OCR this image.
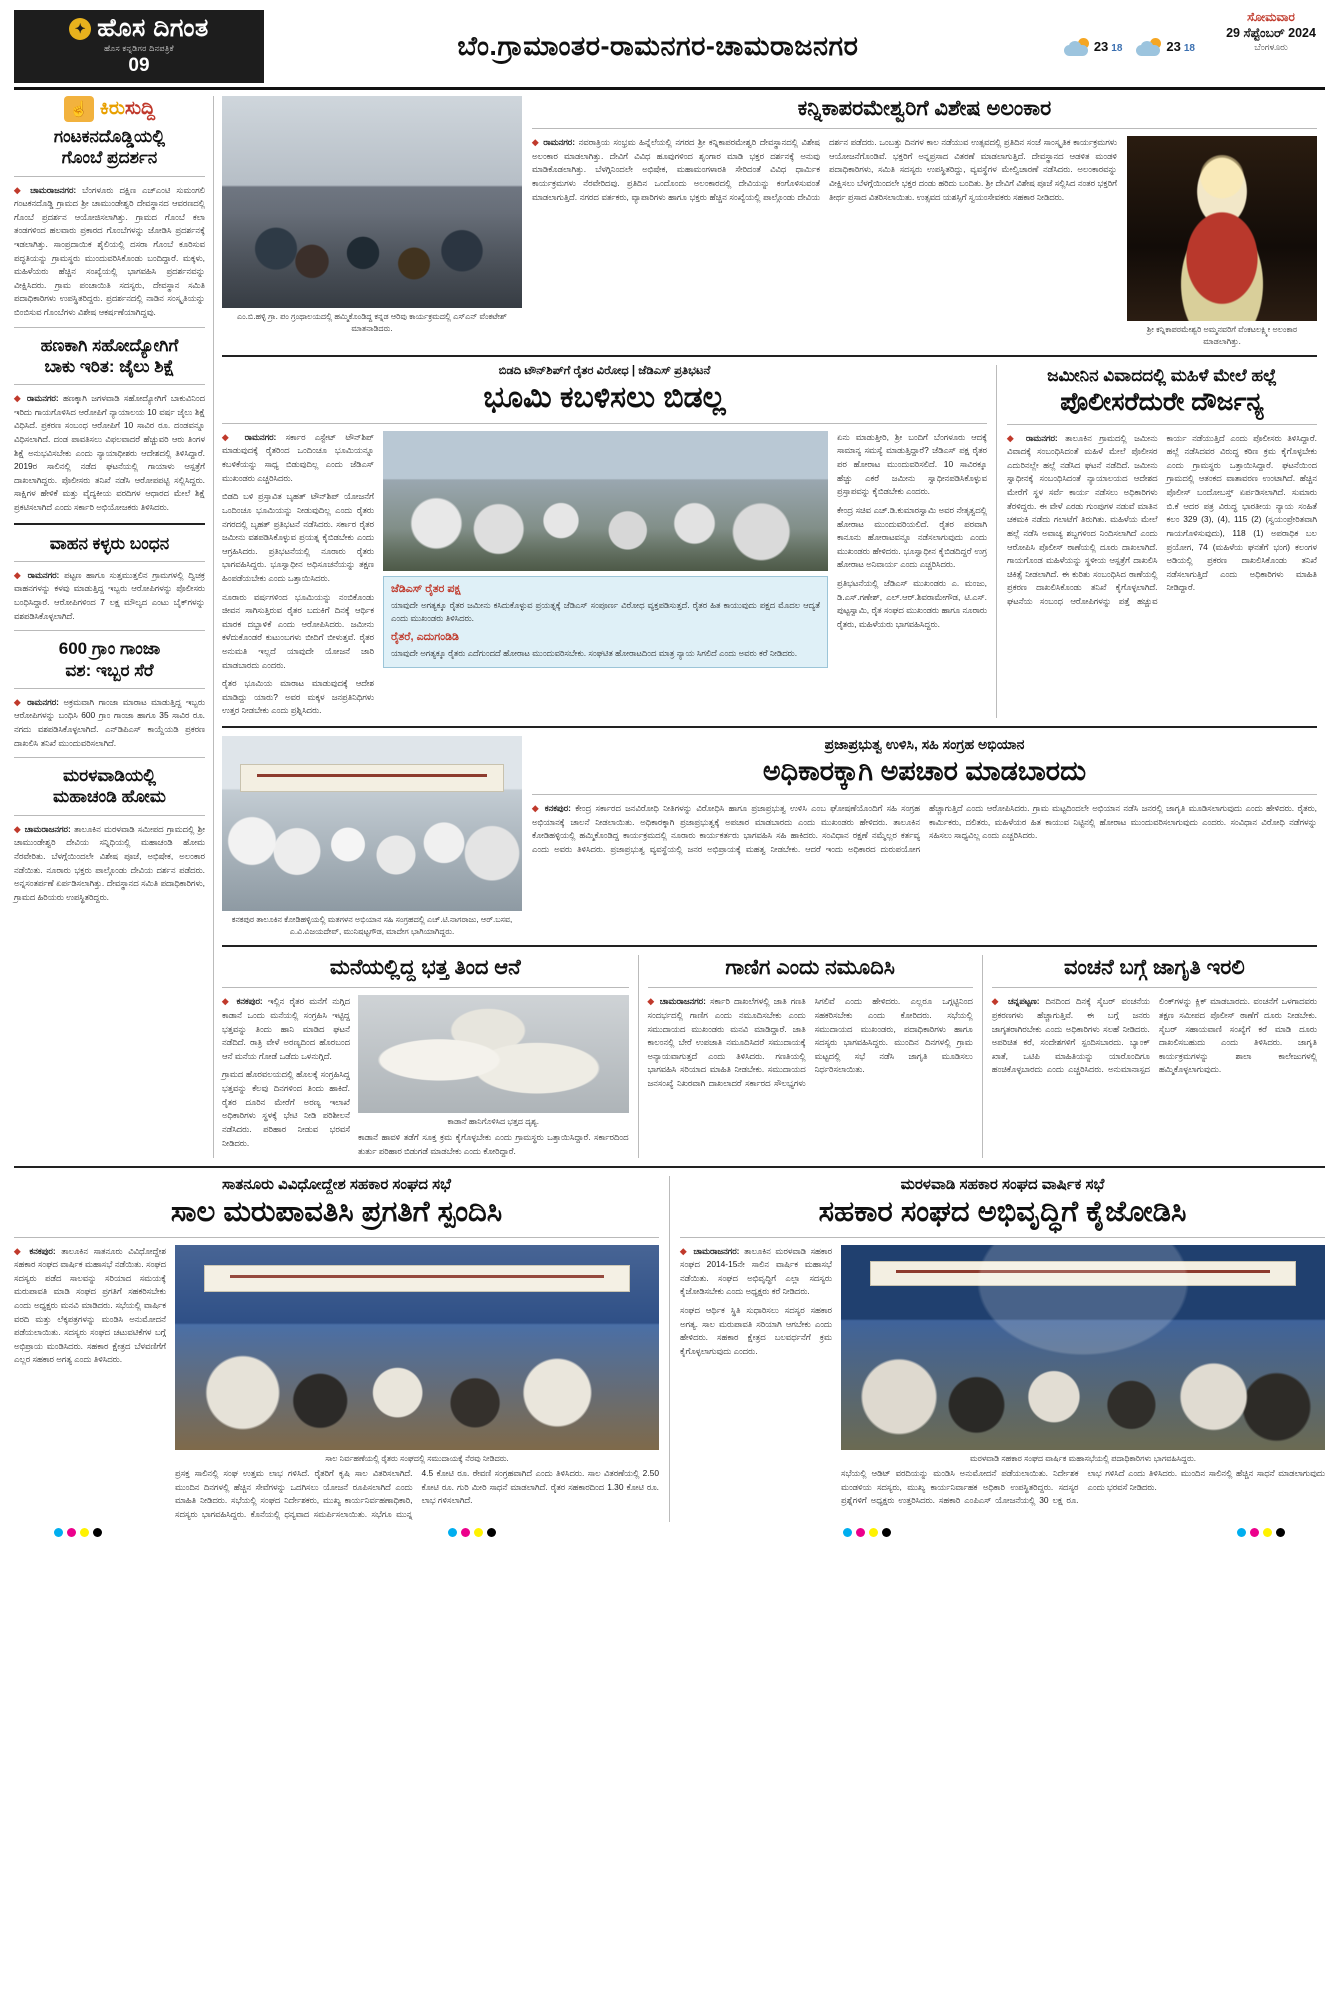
✦ ಹೊಸ ದಿಗಂತ
ಹೊಸ ಕನ್ನಡಿಗರ ದಿನಪತ್ರಿಕೆ
09
ಬೆಂ.ಗ್ರಾಮಾಂತರ-ರಾಮನಗರ-ಚಾಮರಾಜನಗರ	23 18	23 18
ಸೋಮವಾರ
29 ಸೆಪ್ಟೆಂಬರ್ 2024
ಬೆಂಗಳೂರು
☝ ಕಿರುಸುದ್ದಿ
ಗಂಟಕನದೊಡ್ಡಿಯಲ್ಲಿ
ಗೊಂಬೆ ಪ್ರದರ್ಶನ
◆ ಚಾಮರಾಜನಗರ: ಬೆಂಗಳೂರು ದಕ್ಷಿಣ ಎಚ್‌ಎಂಟಿ ಸುಮಂಗಲಿ ಗಂಟಕನದೊಡ್ಡಿ ಗ್ರಾಮದ ಶ್ರೀ ಚಾಮುಂಡೇಶ್ವರಿ ದೇವಸ್ಥಾನದ ಆವರಣದಲ್ಲಿ ಗೊಂಬೆ ಪ್ರದರ್ಶನ ಆಯೋಜಿಸಲಾಗಿತ್ತು. ಗ್ರಾಮದ ಗೊಂಬೆ ಕಲಾ ತಂಡಗಳಿಂದ ಹಲವಾರು ಪ್ರಕಾರದ ಗೊಂಬೆಗಳನ್ನು ಜೋಡಿಸಿ ಪ್ರದರ್ಶನಕ್ಕೆ ಇಡಲಾಗಿತ್ತು. ಸಾಂಪ್ರದಾಯಿಕ ಶೈಲಿಯಲ್ಲಿ ದಸರಾ ಗೊಂಬೆ ಕೂರಿಸುವ ಪದ್ಧತಿಯನ್ನು ಗ್ರಾಮಸ್ಥರು ಮುಂದುವರಿಸಿಕೊಂಡು ಬಂದಿದ್ದಾರೆ. ಮಕ್ಕಳು, ಮಹಿಳೆಯರು ಹೆಚ್ಚಿನ ಸಂಖ್ಯೆಯಲ್ಲಿ ಭಾಗವಹಿಸಿ ಪ್ರದರ್ಶನವನ್ನು ವೀಕ್ಷಿಸಿದರು. ಗ್ರಾಮ ಪಂಚಾಯಿತಿ ಸದಸ್ಯರು, ದೇವಸ್ಥಾನ ಸಮಿತಿ ಪದಾಧಿಕಾರಿಗಳು ಉಪಸ್ಥಿತರಿದ್ದರು. ಪ್ರದರ್ಶನದಲ್ಲಿ ನಾಡಿನ ಸಂಸ್ಕೃತಿಯನ್ನು ಬಿಂಬಿಸುವ ಗೊಂಬೆಗಳು ವಿಶೇಷ ಆಕರ್ಷಣೆಯಾಗಿದ್ದವು.
ಹಣಕಾಗಿ ಸಹೋದ್ಯೋಗಿಗೆ
ಬಾಕು ಇರಿತ: ಜೈಲು ಶಿಕ್ಷೆ
◆ ರಾಮನಗರ: ಹಣಕ್ಕಾಗಿ ಜಗಳವಾಡಿ ಸಹೋದ್ಯೋಗಿಗೆ ಬಾಕುವಿನಿಂದ ಇರಿದು ಗಾಯಗೊಳಿಸಿದ ಆರೋಪಿಗೆ ನ್ಯಾಯಾಲಯ 10 ವರ್ಷ ಜೈಲು ಶಿಕ್ಷೆ ವಿಧಿಸಿದೆ. ಪ್ರಕರಣ ಸಂಬಂಧ ಆರೋಪಿಗೆ 10 ಸಾವಿರ ರೂ. ದಂಡವನ್ನೂ ವಿಧಿಸಲಾಗಿದೆ. ದಂಡ ಪಾವತಿಸಲು ವಿಫಲವಾದರೆ ಹೆಚ್ಚುವರಿ ಆರು ತಿಂಗಳ ಶಿಕ್ಷೆ ಅನುಭವಿಸಬೇಕು ಎಂದು ನ್ಯಾಯಾಧೀಶರು ಆದೇಶದಲ್ಲಿ ತಿಳಿಸಿದ್ದಾರೆ. 2019ರ ಸಾಲಿನಲ್ಲಿ ನಡೆದ ಘಟನೆಯಲ್ಲಿ ಗಾಯಾಳು ಆಸ್ಪತ್ರೆಗೆ ದಾಖಲಾಗಿದ್ದರು. ಪೊಲೀಸರು ತನಿಖೆ ನಡೆಸಿ ಆರೋಪಪಟ್ಟಿ ಸಲ್ಲಿಸಿದ್ದರು. ಸಾಕ್ಷಿಗಳ ಹೇಳಿಕೆ ಮತ್ತು ವೈದ್ಯಕೀಯ ವರದಿಗಳ ಆಧಾರದ ಮೇಲೆ ಶಿಕ್ಷೆ ಪ್ರಕಟಿಸಲಾಗಿದೆ ಎಂದು ಸರ್ಕಾರಿ ಅಭಿಯೋಜಕರು ತಿಳಿಸಿದರು.
ವಾಹನ ಕಳ್ಳರು ಬಂಧನ
◆ ರಾಮನಗರ: ಪಟ್ಟಣ ಹಾಗೂ ಸುತ್ತಮುತ್ತಲಿನ ಗ್ರಾಮಗಳಲ್ಲಿ ದ್ವಿಚಕ್ರ ವಾಹನಗಳನ್ನು ಕಳವು ಮಾಡುತ್ತಿದ್ದ ಇಬ್ಬರು ಆರೋಪಿಗಳನ್ನು ಪೊಲೀಸರು ಬಂಧಿಸಿದ್ದಾರೆ. ಆರೋಪಿಗಳಿಂದ 7 ಲಕ್ಷ ಮೌಲ್ಯದ ಎಂಟು ಬೈಕ್‌ಗಳನ್ನು ವಶಪಡಿಸಿಕೊಳ್ಳಲಾಗಿದೆ.
600 ಗ್ರಾಂ ಗಾಂಜಾ
ವಶ: ಇಬ್ಬರ ಸೆರೆ
◆ ರಾಮನಗರ: ಅಕ್ರಮವಾಗಿ ಗಾಂಜಾ ಮಾರಾಟ ಮಾಡುತ್ತಿದ್ದ ಇಬ್ಬರು ಆರೋಪಿಗಳನ್ನು ಬಂಧಿಸಿ 600 ಗ್ರಾಂ ಗಾಂಜಾ ಹಾಗೂ 35 ಸಾವಿರ ರೂ. ನಗದು ವಶಪಡಿಸಿಕೊಳ್ಳಲಾಗಿದೆ. ಎನ್‌ಡಿಪಿಎಸ್ ಕಾಯ್ದೆಯಡಿ ಪ್ರಕರಣ ದಾಖಲಿಸಿ ತನಿಖೆ ಮುಂದುವರಿಸಲಾಗಿದೆ.
ಮರಳವಾಡಿಯಲ್ಲಿ
ಮಹಾಚಂಡಿ ಹೋಮ
◆ ಚಾಮರಾಜನಗರ: ತಾಲೂಕಿನ ಮರಳವಾಡಿ ಸಮೀಪದ ಗ್ರಾಮದಲ್ಲಿ ಶ್ರೀ ಚಾಮುಂಡೇಶ್ವರಿ ದೇವಿಯ ಸನ್ನಿಧಿಯಲ್ಲಿ ಮಹಾಚಂಡಿ ಹೋಮ ನೆರವೇರಿತು. ಬೆಳಗ್ಗೆಯಿಂದಲೇ ವಿಶೇಷ ಪೂಜೆ, ಅಭಿಷೇಕ, ಅಲಂಕಾರ ನಡೆಯಿತು. ನೂರಾರು ಭಕ್ತರು ಪಾಲ್ಗೊಂಡು ದೇವಿಯ ದರ್ಶನ ಪಡೆದರು. ಅನ್ನಸಂತರ್ಪಣೆ ಏರ್ಪಡಿಸಲಾಗಿತ್ತು. ದೇವಸ್ಥಾನದ ಸಮಿತಿ ಪದಾಧಿಕಾರಿಗಳು, ಗ್ರಾಮದ ಹಿರಿಯರು ಉಪಸ್ಥಿತರಿದ್ದರು.
ಎಂ.ಬಿ.ಹಳ್ಳಿ ಗ್ರಾ. ಪಂ ಗ್ರಂಥಾಲಯದಲ್ಲಿ ಹಮ್ಮಿಕೊಂಡಿದ್ದ ಕನ್ನಡ ಆರಿವು ಕಾರ್ಯಕ್ರಮದಲ್ಲಿ ಎಸ್‌ಎನ್ ವೆಂಕಟೇಶ್ ಮಾತನಾಡಿದರು.
ಕನ್ನಿಕಾಪರಮೇಶ್ವರಿಗೆ ವಿಶೇಷ ಅಲಂಕಾರ
◆ ರಾಮನಗರ: ನವರಾತ್ರಿಯ ಸಂಭ್ರಮ ಹಿನ್ನೆಲೆಯಲ್ಲಿ ನಗರದ ಶ್ರೀ ಕನ್ನಿಕಾಪರಮೇಶ್ವರಿ ದೇವಸ್ಥಾನದಲ್ಲಿ ವಿಶೇಷ ಅಲಂಕಾರ ಮಾಡಲಾಗಿತ್ತು. ದೇವಿಗೆ ವಿವಿಧ ಹೂವುಗಳಿಂದ ಶೃಂಗಾರ ಮಾಡಿ ಭಕ್ತರ ದರ್ಶನಕ್ಕೆ ಅನುವು ಮಾಡಿಕೊಡಲಾಗಿತ್ತು. ಬೆಳಗ್ಗಿನಿಂದಲೇ ಅಭಿಷೇಕ, ಮಹಾಮಂಗಳಾರತಿ ಸೇರಿದಂತೆ ವಿವಿಧ ಧಾರ್ಮಿಕ ಕಾರ್ಯಕ್ರಮಗಳು ನೆರವೇರಿದವು. ಪ್ರತಿದಿನ ಒಂದೊಂದು ಅಲಂಕಾರದಲ್ಲಿ ದೇವಿಯನ್ನು ಕಂಗೊಳಿಸುವಂತೆ ಮಾಡಲಾಗುತ್ತಿದೆ. ನಗರದ ವರ್ತಕರು, ವ್ಯಾಪಾರಿಗಳು ಹಾಗೂ ಭಕ್ತರು ಹೆಚ್ಚಿನ ಸಂಖ್ಯೆಯಲ್ಲಿ ಪಾಲ್ಗೊಂಡು ದೇವಿಯ ದರ್ಶನ ಪಡೆದರು. ಒಂಬತ್ತು ದಿನಗಳ ಕಾಲ ನಡೆಯುವ ಉತ್ಸವದಲ್ಲಿ ಪ್ರತಿದಿನ ಸಂಜೆ ಸಾಂಸ್ಕೃತಿಕ ಕಾರ್ಯಕ್ರಮಗಳು ಆಯೋಜನೆಗೊಂಡಿವೆ. ಭಕ್ತರಿಗೆ ಅನ್ನಪ್ರಸಾದ ವಿತರಣೆ ಮಾಡಲಾಗುತ್ತಿದೆ. ದೇವಸ್ಥಾನದ ಆಡಳಿತ ಮಂಡಳಿ ಪದಾಧಿಕಾರಿಗಳು, ಸಮಿತಿ ಸದಸ್ಯರು ಉಪಸ್ಥಿತರಿದ್ದು, ವ್ಯವಸ್ಥೆಗಳ ಮೇಲ್ವಿಚಾರಣೆ ನಡೆಸಿದರು. ಅಲಂಕಾರವನ್ನು ವೀಕ್ಷಿಸಲು ಬೆಳಗ್ಗೆಯಿಂದಲೇ ಭಕ್ತರ ದಂಡು ಹರಿದು ಬಂದಿತು. ಶ್ರೀ ದೇವಿಗೆ ವಿಶೇಷ ಪೂಜೆ ಸಲ್ಲಿಸಿದ ನಂತರ ಭಕ್ತರಿಗೆ ತೀರ್ಥ ಪ್ರಸಾದ ವಿತರಿಸಲಾಯಿತು. ಉತ್ಸವದ ಯಶಸ್ಸಿಗೆ ಸ್ವಯಂಸೇವಕರು ಸಹಕಾರ ನೀಡಿದರು.
ಶ್ರೀ ಕನ್ನಿಕಾಪರಮೇಶ್ವರಿ ಅಮ್ಮನವರಿಗೆ ವೆಂಕಟಲಕ್ಷ್ಮೀ ಅಲಂಕಾರ ಮಾಡಲಾಗಿತ್ತು.
ಬಿಡದಿ ಟೌನ್‌ಶಿಪ್‌ಗೆ ರೈತರ ವಿರೋಧ | ಜೆಡಿಎಸ್ ಪ್ರತಿಭಟನೆ
ಭೂಮಿ ಕಬಳಿಸಲು ಬಿಡಲ್ಲ
◆ ರಾಮನಗರ: ಸರ್ಕಾರ ಎಸ್ಟೇಟ್ ಟೌನ್‌ಶಿಪ್ ಮಾಡುವುದಕ್ಕೆ ರೈತರಿಂದ ಒಂದಿಂಚೂ ಭೂಮಿಯನ್ನೂ ಕಬಳಿಕೆಯನ್ನು ಸಾಧ್ಯ ಬಿಡುವುದಿಲ್ಲ ಎಂದು ಜೆಡಿಎಸ್ ಮುಖಂಡರು ಎಚ್ಚರಿಸಿದರು.
ಬಿಡದಿ ಬಳಿ ಪ್ರಸ್ತಾವಿತ ಬೃಹತ್ ಟೌನ್‌ಶಿಪ್ ಯೋಜನೆಗೆ ಒಂದಿಂಚೂ ಭೂಮಿಯನ್ನು ನೀಡುವುದಿಲ್ಲ ಎಂದು ರೈತರು ನಗರದಲ್ಲಿ ಬೃಹತ್ ಪ್ರತಿಭಟನೆ ನಡೆಸಿದರು. ಸರ್ಕಾರ ರೈತರ ಜಮೀನು ವಶಪಡಿಸಿಕೊಳ್ಳುವ ಪ್ರಯತ್ನ ಕೈಬಿಡಬೇಕು ಎಂದು ಆಗ್ರಹಿಸಿದರು. ಪ್ರತಿಭಟನೆಯಲ್ಲಿ ನೂರಾರು ರೈತರು ಭಾಗವಹಿಸಿದ್ದರು. ಭೂಸ್ವಾಧೀನ ಅಧಿಸೂಚನೆಯನ್ನು ತಕ್ಷಣ ಹಿಂಪಡೆಯಬೇಕು ಎಂದು ಒತ್ತಾಯಿಸಿದರು.
ನೂರಾರು ವರ್ಷಗಳಿಂದ ಭೂಮಿಯನ್ನು ನಂಬಿಕೊಂಡು ಜೀವನ ಸಾಗಿಸುತ್ತಿರುವ ರೈತರ ಬದುಕಿಗೆ ದಿನಕ್ಕೆ ಆರ್ಥಿಕ ಮಾರಕ ದಬ್ಬಾಳಿಕೆ ಎಂದು ಆರೋಪಿಸಿದರು. ಜಮೀನು ಕಳೆದುಕೊಂಡರೆ ಕುಟುಂಬಗಳು ಬೀದಿಗೆ ಬೀಳುತ್ತವೆ. ರೈತರ ಅನುಮತಿ ಇಲ್ಲದೆ ಯಾವುದೇ ಯೋಜನೆ ಜಾರಿ ಮಾಡಬಾರದು ಎಂದರು.
ರೈತರ ಭೂಮಿಯ ಮಾರಾಟ ಮಾಡುವುದಕ್ಕೆ ಆದೇಶ ಮಾಡಿದ್ದು ಯಾರು? ಅವರ ಮಕ್ಕಳ ಜನಪ್ರತಿನಿಧಿಗಳು ಉತ್ತರ ನೀಡಬೇಕು ಎಂದು ಪ್ರಶ್ನಿಸಿದರು.
ಜೆಡಿಎಸ್ ರೈತರ ಪಕ್ಷ
ಯಾವುದೇ ಅಗತ್ಯಕ್ಕೂ ರೈತರ ಜಮೀನು ಕಸಿದುಕೊಳ್ಳುವ ಪ್ರಯತ್ನಕ್ಕೆ ಜೆಡಿಎಸ್ ಸಂಪೂರ್ಣ ವಿರೋಧ ವ್ಯಕ್ತಪಡಿಸುತ್ತದೆ. ರೈತರ ಹಿತ ಕಾಯುವುದು ಪಕ್ಷದ ಮೊದಲ ಆದ್ಯತೆ ಎಂದು ಮುಖಂಡರು ತಿಳಿಸಿದರು.
ರೈತರೆ, ಎದುಗಂಡಿಡಿ
ಯಾವುದೇ ಅಗತ್ಯಕ್ಕೂ ರೈತರು ಎದೆಗುಂದದೆ ಹೋರಾಟ ಮುಂದುವರಿಸಬೇಕು. ಸಂಘಟಿತ ಹೋರಾಟದಿಂದ ಮಾತ್ರ ನ್ಯಾಯ ಸಿಗಲಿದೆ ಎಂದು ಅವರು ಕರೆ ನೀಡಿದರು.
ಏನು ಮಾಡುತ್ತೀರಿ, ಶ್ರೀ ಬಂದಿಗೆ ಬೆಂಗಳೂರು ಆದಕ್ಕೆ ಸಾಮಾನ್ಯ ಸಮಸ್ಯೆ ಮಾಡುತ್ತಿದ್ದಾರೆ? ಜೆಡಿಎಸ್ ಪಕ್ಷ ರೈತರ ಪರ ಹೋರಾಟ ಮುಂದುವರಿಸಲಿದೆ. 10 ಸಾವಿರಕ್ಕೂ ಹೆಚ್ಚು ಎಕರೆ ಜಮೀನು ಸ್ವಾಧೀನಪಡಿಸಿಕೊಳ್ಳುವ ಪ್ರಸ್ತಾಪವನ್ನು ಕೈಬಿಡಬೇಕು ಎಂದರು.
ಕೇಂದ್ರ ಸಚಿವ ಎಚ್.ಡಿ.ಕುಮಾರಸ್ವಾಮಿ ಅವರ ನೇತೃತ್ವದಲ್ಲಿ ಹೋರಾಟ ಮುಂದುವರಿಯಲಿದೆ. ರೈತರ ಪರವಾಗಿ ಕಾನೂನು ಹೋರಾಟವನ್ನೂ ನಡೆಸಲಾಗುವುದು ಎಂದು ಮುಖಂಡರು ಹೇಳಿದರು. ಭೂಸ್ವಾಧೀನ ಕೈಬಿಡದಿದ್ದರೆ ಉಗ್ರ ಹೋರಾಟ ಅನಿವಾರ್ಯ ಎಂದು ಎಚ್ಚರಿಸಿದರು.
ಪ್ರತಿಭಟನೆಯಲ್ಲಿ ಜೆಡಿಎಸ್ ಮುಖಂಡರು ಎ. ಮಂಜು, ಡಿ.ಎಸ್.ಗಣೇಶ್, ಎಲ್.ಆರ್.ಶಿವರಾಮೇಗೌಡ, ಟಿ.ಎಸ್. ಪುಟ್ಟಸ್ವಾಮಿ, ರೈತ ಸಂಘದ ಮುಖಂಡರು ಹಾಗೂ ನೂರಾರು ರೈತರು, ಮಹಿಳೆಯರು ಭಾಗವಹಿಸಿದ್ದರು.
ಜಮೀನಿನ ವಿವಾದದಲ್ಲಿ ಮಹಿಳೆ ಮೇಲೆ ಹಲ್ಲೆ
ಪೊಲೀಸರೆದುರೇ ದೌರ್ಜನ್ಯ
◆ ರಾಮನಗರ: ತಾಲೂಕಿನ ಗ್ರಾಮದಲ್ಲಿ ಜಮೀನು ವಿವಾದಕ್ಕೆ ಸಂಬಂಧಿಸಿದಂತೆ ಮಹಿಳೆ ಮೇಲೆ ಪೊಲೀಸರ ಎದುರಿನಲ್ಲೇ ಹಲ್ಲೆ ನಡೆಸಿದ ಘಟನೆ ನಡೆದಿದೆ. ಜಮೀನು ಸ್ವಾಧೀನಕ್ಕೆ ಸಂಬಂಧಿಸಿದಂತೆ ನ್ಯಾಯಾಲಯದ ಆದೇಶದ ಮೇರೆಗೆ ಸ್ಥಳ ಸರ್ವೆ ಕಾರ್ಯ ನಡೆಸಲು ಅಧಿಕಾರಿಗಳು ತೆರಳಿದ್ದರು. ಈ ವೇಳೆ ಎರಡು ಗುಂಪುಗಳ ನಡುವೆ ಮಾತಿನ ಚಕಮಕಿ ನಡೆದು ಗಲಾಟೆಗೆ ತಿರುಗಿತು. ಮಹಿಳೆಯ ಮೇಲೆ ಹಲ್ಲೆ ನಡೆಸಿ ಅವಾಚ್ಯ ಶಬ್ದಗಳಿಂದ ನಿಂದಿಸಲಾಗಿದೆ ಎಂದು ಆರೋಪಿಸಿ ಪೊಲೀಸ್ ಠಾಣೆಯಲ್ಲಿ ದೂರು ದಾಖಲಾಗಿದೆ. ಗಾಯಗೊಂಡ ಮಹಿಳೆಯನ್ನು ಸ್ಥಳೀಯ ಆಸ್ಪತ್ರೆಗೆ ದಾಖಲಿಸಿ ಚಿಕಿತ್ಸೆ ನೀಡಲಾಗಿದೆ. ಈ ಕುರಿತು ಸಂಬಂಧಿಸಿದ ಠಾಣೆಯಲ್ಲಿ ಪ್ರಕರಣ ದಾಖಲಿಸಿಕೊಂಡು ತನಿಖೆ ಕೈಗೊಳ್ಳಲಾಗಿದೆ. ಘಟನೆಯ ಸಂಬಂಧ ಆರೋಪಿಗಳನ್ನು ಪತ್ತೆ ಹಚ್ಚುವ ಕಾರ್ಯ ನಡೆಯುತ್ತಿದೆ ಎಂದು ಪೊಲೀಸರು ತಿಳಿಸಿದ್ದಾರೆ. ಹಲ್ಲೆ ನಡೆಸಿದವರ ವಿರುದ್ಧ ಕಠಿಣ ಕ್ರಮ ಕೈಗೊಳ್ಳಬೇಕು ಎಂದು ಗ್ರಾಮಸ್ಥರು ಒತ್ತಾಯಿಸಿದ್ದಾರೆ. ಘಟನೆಯಿಂದ ಗ್ರಾಮದಲ್ಲಿ ಆತಂಕದ ವಾತಾವರಣ ಉಂಟಾಗಿದೆ. ಹೆಚ್ಚಿನ ಪೊಲೀಸ್ ಬಂದೋಬಸ್ತ್ ಏರ್ಪಡಿಸಲಾಗಿದೆ. ಸುಮಾರು ಬಿ.ಕೆ ಆದರ ಪತ್ರ ವಿರುದ್ಧ ಭಾರತೀಯ ನ್ಯಾಯ ಸಂಹಿತೆ ಕಲಂ 329 (3), (4), 115 (2) (ಸ್ವಯಂಪ್ರೇರಿತವಾಗಿ ಗಾಯಗೊಳಿಸುವುದು), 118 (1) ಅಪರಾಧಿಕ ಬಲ ಪ್ರಯೋಗ, 74 (ಮಹಿಳೆಯ ಘನತೆಗೆ ಭಂಗ) ಕಲಂಗಳ ಅಡಿಯಲ್ಲಿ ಪ್ರಕರಣ ದಾಖಲಿಸಿಕೊಂಡು ತನಿಖೆ ನಡೆಸಲಾಗುತ್ತಿದೆ ಎಂದು ಅಧಿಕಾರಿಗಳು ಮಾಹಿತಿ ನೀಡಿದ್ದಾರೆ.
ಕನಕಪುರ ತಾಲೂಕಿನ ಕೋಡಿಹಳ್ಳಿಯಲ್ಲಿ ಮತಗಳನ ಅಭಿಯಾನ ಸಹಿ ಸಂಗ್ರಹದಲ್ಲಿ ಎಚ್.ಟಿ.ನಾಗರಾಜು, ಆರ್.ಬಸವ, ಎ.ವಿ.ವಿಜಯದೇವ್, ಮುನಿಷಟ್ಟಗೌಡ, ಮಾದೇಗ ಭಾಗಿಯಾಗಿದ್ದರು.
ಪ್ರಜಾಪ್ರಭುತ್ವ ಉಳಿಸಿ, ಸಹಿ ಸಂಗ್ರಹ ಅಭಿಯಾನ
ಅಧಿಕಾರಕ್ಕಾಗಿ ಅಪಚಾರ ಮಾಡಬಾರದು
◆ ಕನಕಪುರ: ಕೇಂದ್ರ ಸರ್ಕಾರದ ಜನವಿರೋಧಿ ನೀತಿಗಳನ್ನು ವಿರೋಧಿಸಿ ಹಾಗೂ ಪ್ರಜಾಪ್ರಭುತ್ವ ಉಳಿಸಿ ಎಂಬ ಘೋಷಣೆಯೊಂದಿಗೆ ಸಹಿ ಸಂಗ್ರಹ ಅಭಿಯಾನಕ್ಕೆ ಚಾಲನೆ ನೀಡಲಾಯಿತು. ಅಧಿಕಾರಕ್ಕಾಗಿ ಪ್ರಜಾಪ್ರಭುತ್ವಕ್ಕೆ ಅಪಚಾರ ಮಾಡಬಾರದು ಎಂದು ಮುಖಂಡರು ಹೇಳಿದರು. ತಾಲೂಕಿನ ಕೋಡಿಹಳ್ಳಿಯಲ್ಲಿ ಹಮ್ಮಿಕೊಂಡಿದ್ದ ಕಾರ್ಯಕ್ರಮದಲ್ಲಿ ನೂರಾರು ಕಾರ್ಯಕರ್ತರು ಭಾಗವಹಿಸಿ ಸಹಿ ಹಾಕಿದರು. ಸಂವಿಧಾನ ರಕ್ಷಣೆ ನಮ್ಮೆಲ್ಲರ ಕರ್ತವ್ಯ ಎಂದು ಅವರು ತಿಳಿಸಿದರು. ಪ್ರಜಾಪ್ರಭುತ್ವ ವ್ಯವಸ್ಥೆಯಲ್ಲಿ ಜನರ ಅಭಿಪ್ರಾಯಕ್ಕೆ ಮಹತ್ವ ನೀಡಬೇಕು. ಆದರೆ ಇಂದು ಅಧಿಕಾರದ ದುರುಪಯೋಗ ಹೆಚ್ಚಾಗುತ್ತಿದೆ ಎಂದು ಆರೋಪಿಸಿದರು. ಗ್ರಾಮ ಮಟ್ಟದಿಂದಲೇ ಅಭಿಯಾನ ನಡೆಸಿ ಜನರಲ್ಲಿ ಜಾಗೃತಿ ಮೂಡಿಸಲಾಗುವುದು ಎಂದು ಹೇಳಿದರು. ರೈತರು, ಕಾರ್ಮಿಕರು, ದಲಿತರು, ಮಹಿಳೆಯರ ಹಿತ ಕಾಯುವ ನಿಟ್ಟಿನಲ್ಲಿ ಹೋರಾಟ ಮುಂದುವರಿಸಲಾಗುವುದು ಎಂದರು. ಸಂವಿಧಾನ ವಿರೋಧಿ ನಡೆಗಳನ್ನು ಸಹಿಸಲು ಸಾಧ್ಯವಿಲ್ಲ ಎಂದು ಎಚ್ಚರಿಸಿದರು.
ಮನೆಯಲ್ಲಿದ್ದ ಭತ್ತ ತಿಂದ ಆನೆ
◆ ಕನಕಪುರ: ಇಲ್ಲಿನ ರೈತರ ಮನೆಗೆ ನುಗ್ಗಿದ ಕಾಡಾನೆ ಒಂದು ಮನೆಯಲ್ಲಿ ಸಂಗ್ರಹಿಸಿ ಇಟ್ಟಿದ್ದ ಭತ್ತವನ್ನು ತಿಂದು ಹಾನಿ ಮಾಡಿದ ಘಟನೆ ನಡೆದಿದೆ. ರಾತ್ರಿ ವೇಳೆ ಅರಣ್ಯದಿಂದ ಹೊರಬಂದ ಆನೆ ಮನೆಯ ಗೋಡೆ ಒಡೆದು ಒಳನುಗ್ಗಿದೆ.
ಗ್ರಾಮದ ಹೊರವಲಯದಲ್ಲಿ ಹೊಲಕ್ಕೆ ಸಂಗ್ರಹಿಸಿದ್ದ ಭತ್ತವನ್ನು ಕೆಲವು ದಿನಗಳಿಂದ ತಿಂದು ಹಾಕಿದೆ. ರೈತರ ದೂರಿನ ಮೇರೆಗೆ ಅರಣ್ಯ ಇಲಾಖೆ ಅಧಿಕಾರಿಗಳು ಸ್ಥಳಕ್ಕೆ ಭೇಟಿ ನೀಡಿ ಪರಿಶೀಲನೆ ನಡೆಸಿದರು. ಪರಿಹಾರ ನೀಡುವ ಭರವಸೆ ನೀಡಿದರು.
ಕಾಡಾನೆ ಹಾನಿಗೊಳಿಸಿದ ಭತ್ತದ ದೃಶ್ಯ.
ಕಾಡಾನೆ ಹಾವಳಿ ತಡೆಗೆ ಸೂಕ್ತ ಕ್ರಮ ಕೈಗೊಳ್ಳಬೇಕು ಎಂದು ಗ್ರಾಮಸ್ಥರು ಒತ್ತಾಯಿಸಿದ್ದಾರೆ. ಸರ್ಕಾರದಿಂದ ತುರ್ತು ಪರಿಹಾರ ಬಿಡುಗಡೆ ಮಾಡಬೇಕು ಎಂದು ಕೋರಿದ್ದಾರೆ.
ಗಾಣಿಗ ಎಂದು ನಮೂದಿಸಿ
◆ ಚಾಮರಾಜನಗರ: ಸರ್ಕಾರಿ ದಾಖಲೆಗಳಲ್ಲಿ ಜಾತಿ ಗಣತಿ ಸಂದರ್ಭದಲ್ಲಿ ಗಾಣಿಗ ಎಂದು ನಮೂದಿಸಬೇಕು ಎಂದು ಸಮುದಾಯದ ಮುಖಂಡರು ಮನವಿ ಮಾಡಿದ್ದಾರೆ. ಜಾತಿ ಕಾಲಂನಲ್ಲಿ ಬೇರೆ ಉಪಜಾತಿ ನಮೂದಿಸಿದರೆ ಸಮುದಾಯಕ್ಕೆ ಅನ್ಯಾಯವಾಗುತ್ತದೆ ಎಂದು ತಿಳಿಸಿದರು. ಗಣತಿಯಲ್ಲಿ ಭಾಗವಹಿಸಿ ಸರಿಯಾದ ಮಾಹಿತಿ ನೀಡಬೇಕು. ಸಮುದಾಯದ ಜನಸಂಖ್ಯೆ ನಿಖರವಾಗಿ ದಾಖಲಾದರೆ ಸರ್ಕಾರದ ಸೌಲಭ್ಯಗಳು ಸಿಗಲಿವೆ ಎಂದು ಹೇಳಿದರು. ಎಲ್ಲರೂ ಒಗ್ಗಟ್ಟಿನಿಂದ ಸಹಕರಿಸಬೇಕು ಎಂದು ಕೋರಿದರು. ಸಭೆಯಲ್ಲಿ ಸಮುದಾಯದ ಮುಖಂಡರು, ಪದಾಧಿಕಾರಿಗಳು ಹಾಗೂ ಸದಸ್ಯರು ಭಾಗವಹಿಸಿದ್ದರು. ಮುಂದಿನ ದಿನಗಳಲ್ಲಿ ಗ್ರಾಮ ಮಟ್ಟದಲ್ಲಿ ಸಭೆ ನಡೆಸಿ ಜಾಗೃತಿ ಮೂಡಿಸಲು ನಿರ್ಧರಿಸಲಾಯಿತು.
ವಂಚನೆ ಬಗ್ಗೆ ಜಾಗೃತಿ ಇರಲಿ
◆ ಚನ್ನಪಟ್ಟಣ: ದಿನದಿಂದ ದಿನಕ್ಕೆ ಸೈಬರ್ ವಂಚನೆಯ ಪ್ರಕರಣಗಳು ಹೆಚ್ಚಾಗುತ್ತಿವೆ. ಈ ಬಗ್ಗೆ ಜನರು ಜಾಗೃತರಾಗಿರಬೇಕು ಎಂದು ಅಧಿಕಾರಿಗಳು ಸಲಹೆ ನೀಡಿದರು. ಅಪರಿಚಿತ ಕರೆ, ಸಂದೇಶಗಳಿಗೆ ಸ್ಪಂದಿಸಬಾರದು. ಬ್ಯಾಂಕ್ ಖಾತೆ, ಒಟಿಪಿ ಮಾಹಿತಿಯನ್ನು ಯಾರೊಂದಿಗೂ ಹಂಚಿಕೊಳ್ಳಬಾರದು ಎಂದು ಎಚ್ಚರಿಸಿದರು. ಅನುಮಾನಾಸ್ಪದ ಲಿಂಕ್‌ಗಳನ್ನು ಕ್ಲಿಕ್ ಮಾಡಬಾರದು. ವಂಚನೆಗೆ ಒಳಗಾದವರು ತಕ್ಷಣ ಸಮೀಪದ ಪೊಲೀಸ್ ಠಾಣೆಗೆ ದೂರು ನೀಡಬೇಕು. ಸೈಬರ್ ಸಹಾಯವಾಣಿ ಸಂಖ್ಯೆಗೆ ಕರೆ ಮಾಡಿ ದೂರು ದಾಖಲಿಸಬಹುದು ಎಂದು ತಿಳಿಸಿದರು. ಜಾಗೃತಿ ಕಾರ್ಯಕ್ರಮಗಳನ್ನು ಶಾಲಾ ಕಾಲೇಜುಗಳಲ್ಲಿ ಹಮ್ಮಿಕೊಳ್ಳಲಾಗುವುದು.
ಸಾತನೂರು ವಿವಿಧೋದ್ದೇಶ ಸಹಕಾರ ಸಂಘದ ಸಭೆ
ಸಾಲ ಮರುಪಾವತಿಸಿ ಪ್ರಗತಿಗೆ ಸ್ಪಂದಿಸಿ
◆ ಕನಕಪುರ: ತಾಲೂಕಿನ ಸಾತನೂರು ವಿವಿಧೋದ್ದೇಶ ಸಹಕಾರ ಸಂಘದ ವಾರ್ಷಿಕ ಮಹಾಸಭೆ ನಡೆಯಿತು. ಸಂಘದ ಸದಸ್ಯರು ಪಡೆದ ಸಾಲವನ್ನು ಸರಿಯಾದ ಸಮಯಕ್ಕೆ ಮರುಪಾವತಿ ಮಾಡಿ ಸಂಘದ ಪ್ರಗತಿಗೆ ಸಹಕರಿಸಬೇಕು ಎಂದು ಅಧ್ಯಕ್ಷರು ಮನವಿ ಮಾಡಿದರು. ಸಭೆಯಲ್ಲಿ ವಾರ್ಷಿಕ ವರದಿ ಮತ್ತು ಲೆಕ್ಕಪತ್ರಗಳನ್ನು ಮಂಡಿಸಿ ಅನುಮೋದನೆ ಪಡೆಯಲಾಯಿತು. ಸದಸ್ಯರು ಸಂಘದ ಚಟುವಟಿಕೆಗಳ ಬಗ್ಗೆ ಅಭಿಪ್ರಾಯ ಮಂಡಿಸಿದರು. ಸಹಕಾರ ಕ್ಷೇತ್ರದ ಬೆಳವಣಿಗೆಗೆ ಎಲ್ಲರ ಸಹಕಾರ ಅಗತ್ಯ ಎಂದು ತಿಳಿಸಿದರು.
ಸಾಲ ನಿರ್ವಹಣೆಯಲ್ಲಿ ರೈತರು ಸಂಘದಲ್ಲಿ ಸಮುದಾಯಕ್ಕೆ ನೆರವು ನೀಡಿದರು.
ಪ್ರಸಕ್ತ ಸಾಲಿನಲ್ಲಿ ಸಂಘ ಉತ್ತಮ ಲಾಭ ಗಳಿಸಿದೆ. ರೈತರಿಗೆ ಕೃಷಿ ಸಾಲ ವಿತರಿಸಲಾಗಿದೆ. ಮುಂದಿನ ದಿನಗಳಲ್ಲಿ ಹೆಚ್ಚಿನ ಸೇವೆಗಳನ್ನು ಒದಗಿಸಲು ಯೋಜನೆ ರೂಪಿಸಲಾಗಿದೆ ಎಂದು ಮಾಹಿತಿ ನೀಡಿದರು. ಸಭೆಯಲ್ಲಿ ಸಂಘದ ನಿರ್ದೇಶಕರು, ಮುಖ್ಯ ಕಾರ್ಯನಿರ್ವಹಣಾಧಿಕಾರಿ, ಸದಸ್ಯರು ಭಾಗವಹಿಸಿದ್ದರು. ಕೊನೆಯಲ್ಲಿ ಧನ್ಯವಾದ ಸಮರ್ಪಿಸಲಾಯಿತು. ಸಭೆಗೂ ಮುನ್ನ 4.5 ಕೋಟಿ ರೂ. ಠೇವಣಿ ಸಂಗ್ರಹವಾಗಿದೆ ಎಂದು ತಿಳಿಸಿದರು. ಸಾಲ ವಿತರಣೆಯಲ್ಲಿ 2.50 ಕೋಟಿ ರೂ. ಗುರಿ ಮೀರಿ ಸಾಧನೆ ಮಾಡಲಾಗಿದೆ. ರೈತರ ಸಹಕಾರದಿಂದ 1.30 ಕೋಟಿ ರೂ. ಲಾಭ ಗಳಿಸಲಾಗಿದೆ.
ಮರಳವಾಡಿ ಸಹಕಾರ ಸಂಘದ ವಾರ್ಷಿಕ ಸಭೆ
ಸಹಕಾರ ಸಂಘದ ಅಭಿವೃದ್ಧಿಗೆ ಕೈಜೋಡಿಸಿ
◆ ಚಾಮರಾಜನಗರ: ತಾಲೂಕಿನ ಮರಳವಾಡಿ ಸಹಕಾರ ಸಂಘದ 2014-15ನೇ ಸಾಲಿನ ವಾರ್ಷಿಕ ಮಹಾಸಭೆ ನಡೆಯಿತು. ಸಂಘದ ಅಭಿವೃದ್ಧಿಗೆ ಎಲ್ಲಾ ಸದಸ್ಯರು ಕೈಜೋಡಿಸಬೇಕು ಎಂದು ಅಧ್ಯಕ್ಷರು ಕರೆ ನೀಡಿದರು.
ಸಂಘದ ಆರ್ಥಿಕ ಸ್ಥಿತಿ ಸುಧಾರಿಸಲು ಸದಸ್ಯರ ಸಹಕಾರ ಅಗತ್ಯ. ಸಾಲ ಮರುಪಾವತಿ ಸರಿಯಾಗಿ ಆಗಬೇಕು ಎಂದು ಹೇಳಿದರು. ಸಹಕಾರ ಕ್ಷೇತ್ರದ ಬಲವರ್ಧನೆಗೆ ಕ್ರಮ ಕೈಗೊಳ್ಳಲಾಗುವುದು ಎಂದರು.
ಮರಳವಾಡಿ ಸಹಕಾರ ಸಂಘದ ವಾರ್ಷಿಕ ಮಹಾಸಭೆಯಲ್ಲಿ ಪದಾಧಿಕಾರಿಗಳು ಭಾಗವಹಿಸಿದ್ದರು.
ಸಭೆಯಲ್ಲಿ ಆಡಿಟ್ ವರದಿಯನ್ನು ಮಂಡಿಸಿ ಅನುಮೋದನೆ ಪಡೆಯಲಾಯಿತು. ನಿರ್ದೇಶಕ ಮಂಡಳಿಯ ಸದಸ್ಯರು, ಮುಖ್ಯ ಕಾರ್ಯನಿರ್ವಾಹಕ ಅಧಿಕಾರಿ ಉಪಸ್ಥಿತರಿದ್ದರು. ಸದಸ್ಯರ ಪ್ರಶ್ನೆಗಳಿಗೆ ಅಧ್ಯಕ್ಷರು ಉತ್ತರಿಸಿದರು. ಸಹಕಾರಿ ಎಂಪಿಎಸ್ ಯೋಜನೆಯಲ್ಲಿ 30 ಲಕ್ಷ ರೂ. ಲಾಭ ಗಳಿಸಿದೆ ಎಂದು ತಿಳಿಸಿದರು. ಮುಂದಿನ ಸಾಲಿನಲ್ಲಿ ಹೆಚ್ಚಿನ ಸಾಧನೆ ಮಾಡಲಾಗುವುದು ಎಂದು ಭರವಸೆ ನೀಡಿದರು.
